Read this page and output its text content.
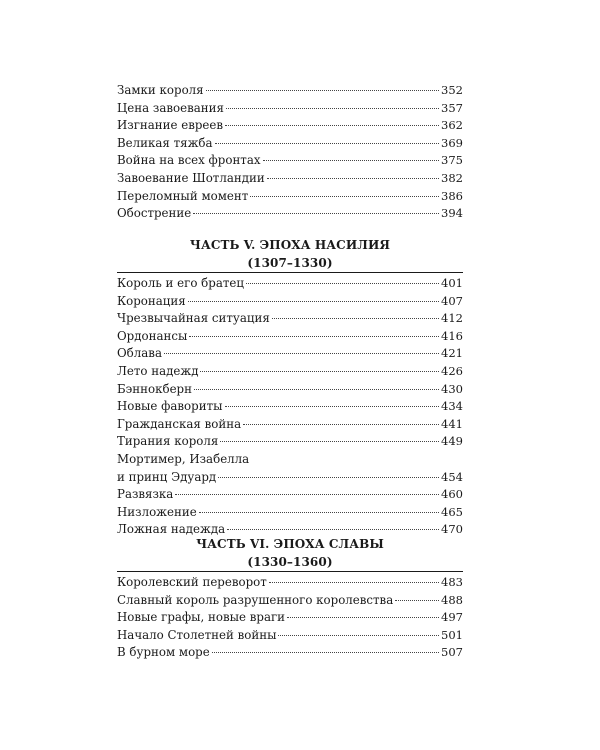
Замки короля	352
Цена завоевания	357
Изгнание евреев	362
Великая тяжба	369
Война на всех фронтах	375
Завоевание Шотландии	382
Переломный момент	386
Обострение	394
ЧАСТЬ V. ЭПОХА НАСИЛИЯ
(1307–1330)
Король и его братец	401
Коронация	407
Чрезвычайная ситуация	412
Ордонансы	416
Облава	421
Лето надежд	426
Бэннокберн	430
Новые фавориты	434
Гражданская война	441
Тирания короля	449
Мортимер, Изабелла
и принц Эдуард	454
Развязка	460
Низложение	465
Ложная надежда	470
ЧАСТЬ VI. ЭПОХА СЛАВЫ
(1330–1360)
Королевский переворот	483
Славный король разрушенного королевства	488
Новые графы, новые враги	497
Начало Столетней войны	501
В бурном море	507
